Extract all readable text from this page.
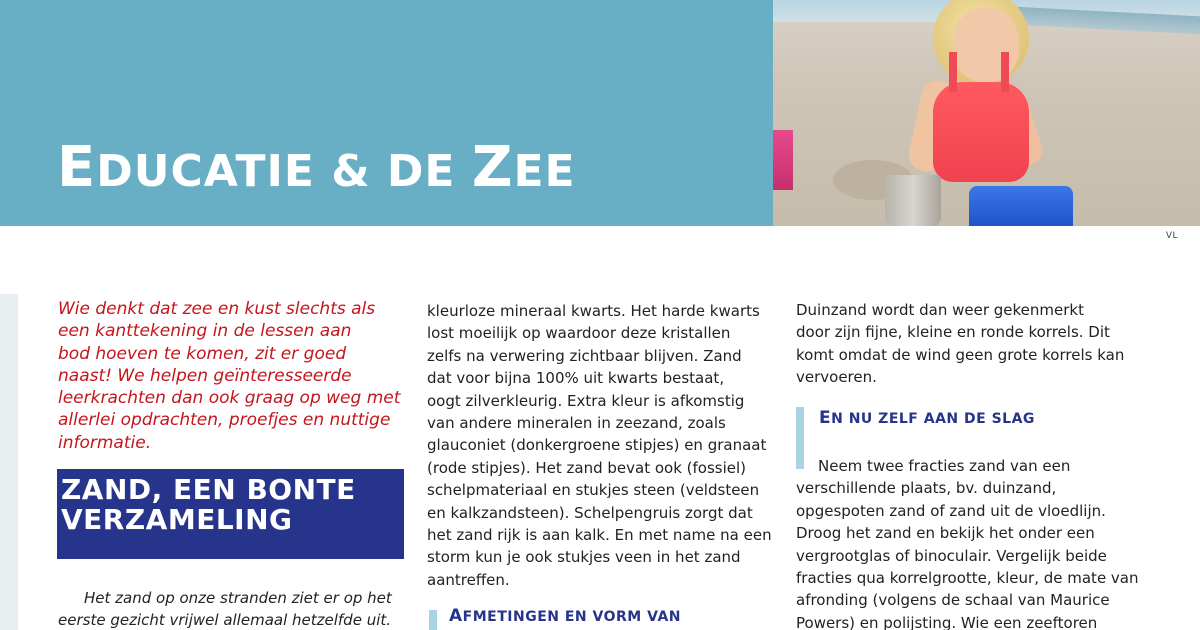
EDUCATIE & DE ZEE
VL
Wie denkt dat zee en kust slechts als
een kanttekening in de lessen aan
bod hoeven te komen, zit er goed
naast! We helpen geïnteresseerde
leerkrachten dan ook graag op weg met
allerlei opdrachten, proefjes en nuttige
informatie.
ZAND, EEN BONTE
VERZAMELING
Het zand op onze stranden ziet er op het
eerste gezicht vrijwel allemaal hetzelfde uit.
kleurloze mineraal kwarts. Het harde kwarts
lost moeilijk op waardoor deze kristallen
zelfs na verwering zichtbaar blijven. Zand
dat voor bijna 100% uit kwarts bestaat,
oogt zilverkleurig. Extra kleur is afkomstig
van andere mineralen in zeezand, zoals
glauconiet (donkergroene stipjes) en granaat
(rode stipjes). Het zand bevat ook (fossiel)
schelpmateriaal en stukjes steen (veldsteen
en kalkzandsteen). Schelpengruis zorgt dat
het zand rijk is aan kalk. En met name na een
storm kun je ook stukjes veen in het zand
aantreffen.
AFMETINGEN EN VORM VAN
Duinzand wordt dan weer gekenmerkt
door zijn fijne, kleine en ronde korrels. Dit
komt omdat de wind geen grote korrels kan
vervoeren.
EN NU ZELF AAN DE SLAG
Neem twee fracties zand van een
verschillende plaats, bv. duinzand,
opgespoten zand of zand uit de vloedlijn.
Droog het zand en bekijk het onder een
vergrootglas of binoculair. Vergelijk beide
fracties qua korrelgrootte, kleur, de mate van
afronding (volgens de schaal van Maurice
Powers) en polijsting. Wie een zeeftoren
